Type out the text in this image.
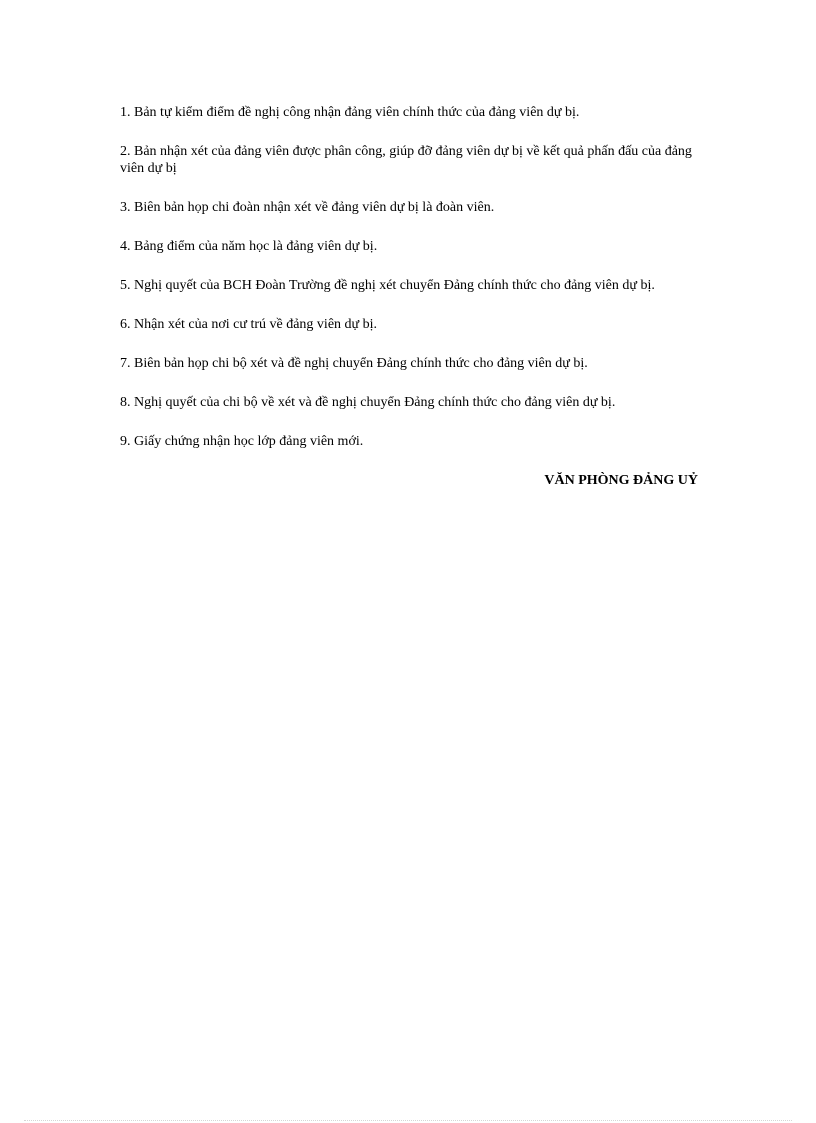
1. Bản tự kiểm điểm đề nghị công nhận đảng viên chính thức của đảng viên dự bị.
2. Bản nhận xét của đảng viên được phân công, giúp đỡ đảng viên dự bị về kết quả phấn đấu của đảng viên dự bị
3. Biên bản họp chi đoàn nhận xét về đảng viên dự bị là đoàn viên.
4. Bảng điểm của năm học là đảng viên dự bị.
5. Nghị quyết của BCH Đoàn Trường đề nghị xét chuyển Đảng chính thức cho đảng viên dự bị.
6. Nhận xét của nơi cư trú về đảng viên dự bị.
7. Biên bản họp chi bộ xét và đề nghị chuyển Đảng chính thức cho đảng viên dự bị.
8. Nghị quyết của chi bộ về xét và đề nghị chuyển Đảng chính thức cho đảng viên dự bị.
9. Giấy chứng nhận học lớp đảng viên mới.
VĂN PHÒNG ĐẢNG UỶ
